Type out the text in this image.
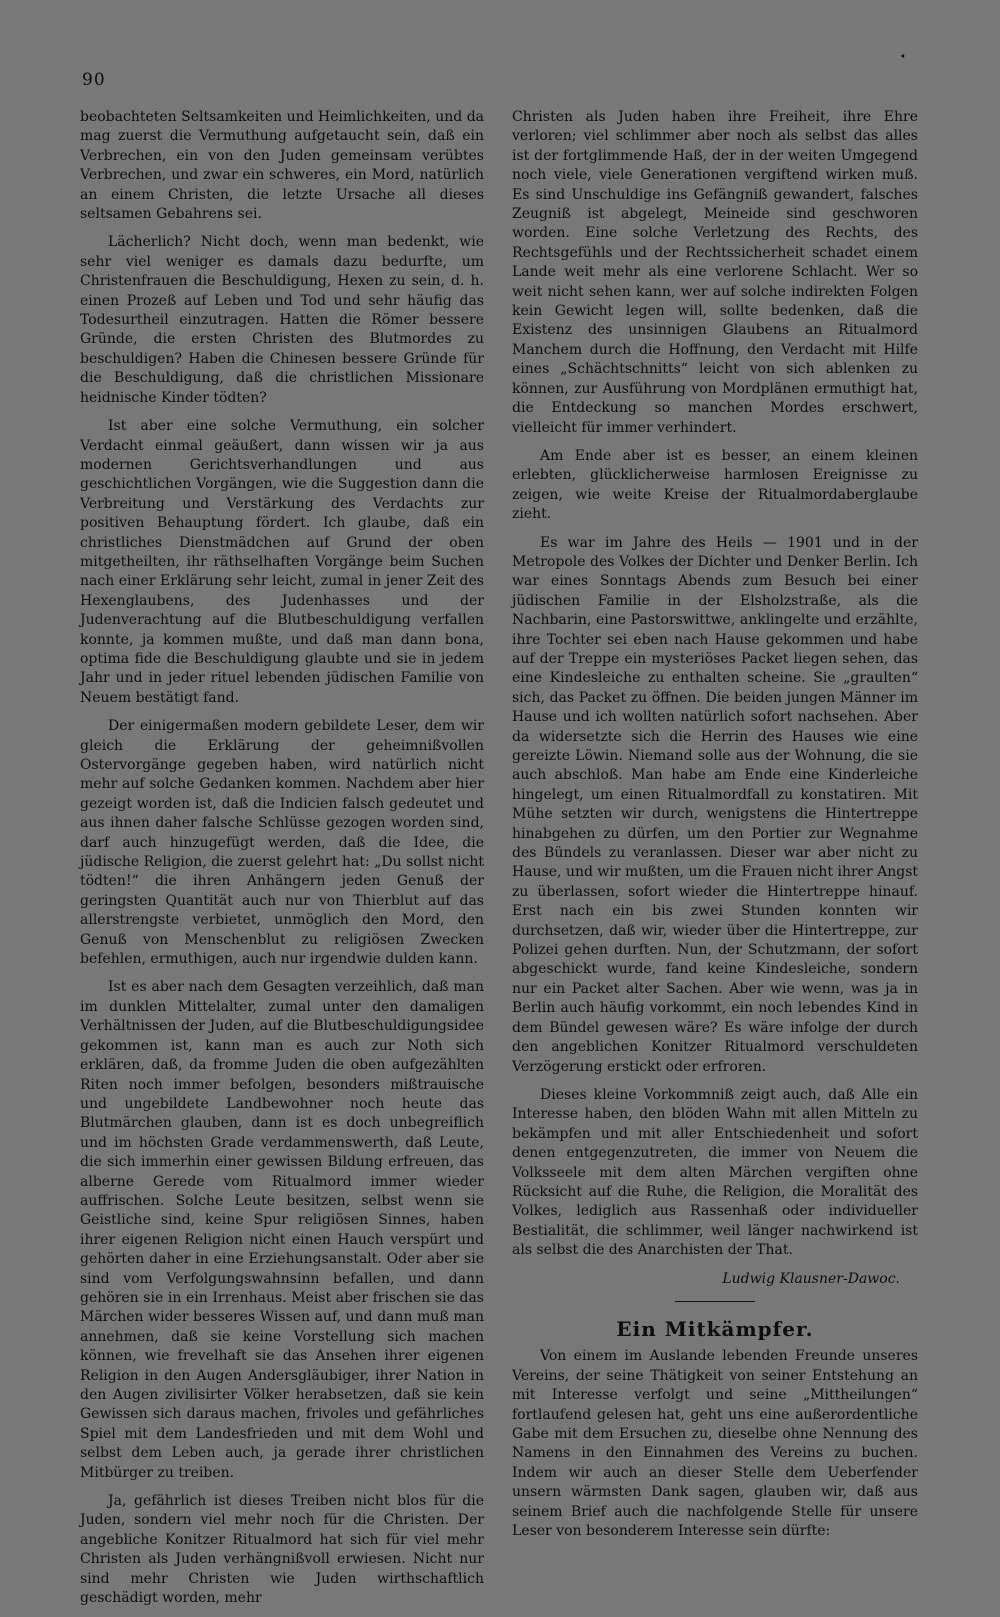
90
•

beobachteten Seltsamkeiten und Heimlichkeiten, und da mag zuerst die Vermuthung aufgetaucht sein, daß ein Verbrechen, ein von den Juden gemeinsam verübtes Verbrechen, und zwar ein schweres, ein Mord, natürlich an einem Christen, die letzte Ursache all dieses seltsamen Gebahrens sei.

Lächerlich? Nicht doch, wenn man bedenkt, wie sehr viel weniger es damals dazu bedurfte, um Christenfrauen die Beschuldigung, Hexen zu sein, d. h. einen Prozeß auf Leben und Tod und sehr häufig das Todesurtheil einzutragen. Hatten die Römer bessere Gründe, die ersten Christen des Blutmordes zu beschuldigen? Haben die Chinesen bessere Gründe für die Beschuldigung, daß die christlichen Missionare heidnische Kinder tödten?

Ist aber eine solche Vermuthung, ein solcher Verdacht einmal geäußert, dann wissen wir ja aus modernen Gerichtsverhandlungen und aus geschichtlichen Vorgängen, wie die Suggestion dann die Verbreitung und Verstärkung des Verdachts zur positiven Behauptung fördert. Ich glaube, daß ein christliches Dienstmädchen auf Grund der oben mitgetheilten, ihr räthselhaften Vorgänge beim Suchen nach einer Erklärung sehr leicht, zumal in jener Zeit des Hexenglaubens, des Judenhasses und der Judenverachtung auf die Blutbeschuldigung verfallen konnte, ja kommen mußte, und daß man dann bona, optima fide die Beschuldigung glaubte und sie in jedem Jahr und in jeder rituel lebenden jüdischen Familie von Neuem bestätigt fand.

Der einigermaßen modern gebildete Leser, dem wir gleich die Erklärung der geheimnißvollen Ostervorgänge gegeben haben, wird natürlich nicht mehr auf solche Gedanken kommen. Nachdem aber hier gezeigt worden ist, daß die Indicien falsch gedeutet und aus ihnen daher falsche Schlüsse gezogen worden sind, darf auch hinzugefügt werden, daß die Idee, die jüdische Religion, die zuerst gelehrt hat: „Du sollst nicht tödten!“ die ihren Anhängern jeden Genuß der geringsten Quantität auch nur von Thierblut auf das allerstrengste verbietet, unmöglich den Mord, den Genuß von Menschenblut zu religiösen Zwecken befehlen, ermuthigen, auch nur irgendwie dulden kann.

Ist es aber nach dem Gesagten verzeihlich, daß man im dunklen Mittelalter, zumal unter den damaligen Verhältnissen der Juden, auf die Blutbeschuldigungsidee gekommen ist, kann man es auch zur Noth sich erklären, daß, da fromme Juden die oben aufgezählten Riten noch immer befolgen, besonders mißtrauische und ungebildete Landbewohner noch heute das Blutmärchen glauben, dann ist es doch unbegreiflich und im höchsten Grade verdammenswerth, daß Leute, die sich immerhin einer gewissen Bildung erfreuen, das alberne Gerede vom Ritualmord immer wieder auffrischen. Solche Leute besitzen, selbst wenn sie Geistliche sind, keine Spur religiösen Sinnes, haben ihrer eigenen Religion nicht einen Hauch verspürt und gehörten daher in eine Erziehungsanstalt. Oder aber sie sind vom Verfolgungswahnsinn befallen, und dann gehören sie in ein Irrenhaus. Meist aber frischen sie das Märchen wider besseres Wissen auf, und dann muß man annehmen, daß sie keine Vorstellung sich machen können, wie frevelhaft sie das Ansehen ihrer eigenen Religion in den Augen Andersgläubiger, ihrer Nation in den Augen zivilisirter Völker herabsetzen, daß sie kein Gewissen sich daraus machen, frivoles und gefährliches Spiel mit dem Landesfrieden und mit dem Wohl und selbst dem Leben auch, ja gerade ihrer christlichen Mitbürger zu treiben.

Ja, gefährlich ist dieses Treiben nicht blos für die Juden, sondern viel mehr noch für die Christen. Der angebliche Konitzer Ritualmord hat sich für viel mehr Christen als Juden verhängnißvoll erwiesen. Nicht nur sind mehr Christen wie Juden wirthschaftlich geschädigt worden, mehr

Christen als Juden haben ihre Freiheit, ihre Ehre verloren; viel schlimmer aber noch als selbst das alles ist der fortglimmende Haß, der in der weiten Umgegend noch viele, viele Generationen vergiftend wirken muß. Es sind Unschuldige ins Gefängniß gewandert, falsches Zeugniß ist abgelegt, Meineide sind geschworen worden. Eine solche Verletzung des Rechts, des Rechtsgefühls und der Rechtssicherheit schadet einem Lande weit mehr als eine verlorene Schlacht. Wer so weit nicht sehen kann, wer auf solche indirekten Folgen kein Gewicht legen will, sollte bedenken, daß die Existenz des unsinnigen Glaubens an Ritualmord Manchem durch die Hoffnung, den Verdacht mit Hilfe eines „Schächtschnitts“ leicht von sich ablenken zu können, zur Ausführung von Mordplänen ermuthigt hat, die Entdeckung so manchen Mordes erschwert, vielleicht für immer verhindert.

Am Ende aber ist es besser, an einem kleinen erlebten, glücklicherweise harmlosen Ereignisse zu zeigen, wie weite Kreise der Ritualmordaberglaube zieht.

Es war im Jahre des Heils — 1901 und in der Metropole des Volkes der Dichter und Denker Berlin. Ich war eines Sonntags Abends zum Besuch bei einer jüdischen Familie in der Elsholzstraße, als die Nachbarin, eine Pastorswittwe, anklingelte und erzählte, ihre Tochter sei eben nach Hause gekommen und habe auf der Treppe ein mysteriöses Packet liegen sehen, das eine Kindesleiche zu enthalten scheine. Sie „graulten“ sich, das Packet zu öffnen. Die beiden jungen Männer im Hause und ich wollten natürlich sofort nachsehen. Aber da widersetzte sich die Herrin des Hauses wie eine gereizte Löwin. Niemand solle aus der Wohnung, die sie auch abschloß. Man habe am Ende eine Kinderleiche hingelegt, um einen Ritualmordfall zu konstatiren. Mit Mühe setzten wir durch, wenigstens die Hintertreppe hinabgehen zu dürfen, um den Portier zur Wegnahme des Bündels zu veranlassen. Dieser war aber nicht zu Hause, und wir mußten, um die Frauen nicht ihrer Angst zu überlassen, sofort wieder die Hintertreppe hinauf. Erst nach ein bis zwei Stunden konnten wir durchsetzen, daß wir, wieder über die Hintertreppe, zur Polizei gehen durften. Nun, der Schutzmann, der sofort abgeschickt wurde, fand keine Kindesleiche, sondern nur ein Packet alter Sachen. Aber wie wenn, was ja in Berlin auch häufig vorkommt, ein noch lebendes Kind in dem Bündel gewesen wäre? Es wäre infolge der durch den angeblichen Konitzer Ritualmord verschuldeten Verzögerung erstickt oder erfroren.

Dieses kleine Vorkommniß zeigt auch, daß Alle ein Interesse haben, den blöden Wahn mit allen Mitteln zu bekämpfen und mit aller Entschiedenheit und sofort denen entgegenzutreten, die immer von Neuem die Volksseele mit dem alten Märchen vergiften ohne Rücksicht auf die Ruhe, die Religion, die Moralität des Volkes, lediglich aus Rassenhaß oder individueller Bestialität, die schlimmer, weil länger nachwirkend ist als selbst die des Anarchisten der That.

Ludwig Klausner-Dawoc.
Ein Mitkämpfer.

Von einem im Auslande lebenden Freunde unseres Vereins, der seine Thätigkeit von seiner Entstehung an mit Interesse verfolgt und seine „Mittheilungen“ fortlaufend gelesen hat, geht uns eine außerordentliche Gabe mit dem Ersuchen zu, dieselbe ohne Nennung des Namens in den Einnahmen des Vereins zu buchen. Indem wir auch an dieser Stelle dem Ueberfender unsern wärmsten Dank sagen, glauben wir, daß aus seinem Brief auch die nachfolgende Stelle für unsere Leser von besonderem Interesse sein dürfte:
